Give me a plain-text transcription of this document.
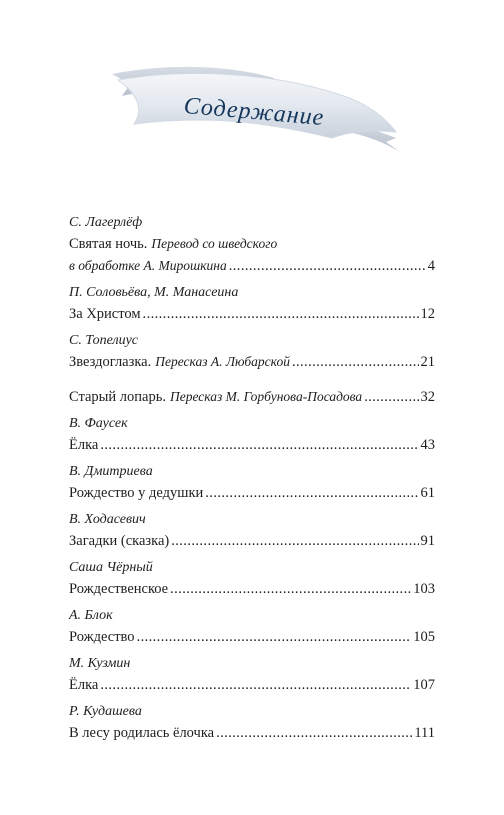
Содержание
С. Лагерлёф
Святая ночь. Перевод со шведского
в обработке А. Мирошкина .....	4
П. Соловьёва, М. Манасеина
За Христом .....	12
С. Топелиус
Звездоглазка. Пересказ А. Любарской .....	21
Старый лопарь. Пересказ М. Горбунова-Посадова .....	32
В. Фаусек
Ёлка .....	43
В. Дмитриева
Рождество у дедушки .....	61
В. Ходасевич
Загадки (сказка) .....	91
Саша Чёрный
Рождественское .....	103
А. Блок
Рождество .....	105
М. Кузмин
Ёлка .....	107
Р. Кудашева
В лесу родилась ёлочка .....	111
